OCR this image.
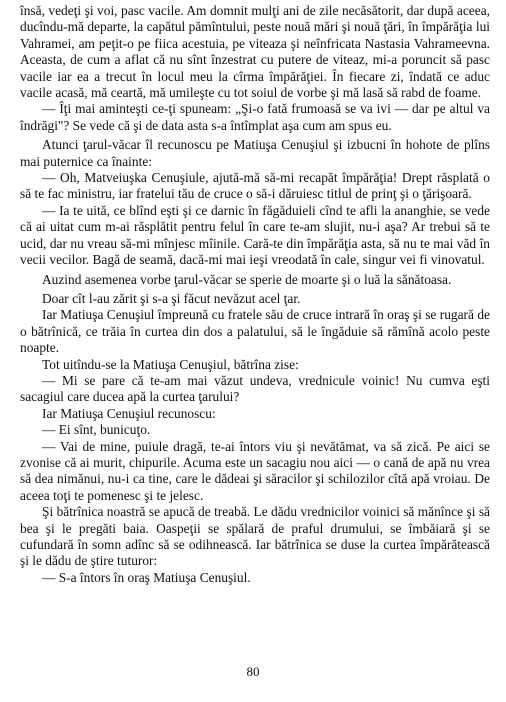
însă, vedeţi şi voi, pasc vacile. Am domnit mulţi ani de zile necăsătorit, dar după aceea, ducîndu-mă departe, la capătul pămîntului, peste nouă mări şi nouă ţări, în împărăţia lui Vahramei, am peţit-o pe fiica acestuia, pe viteaza şi neînfricata Nastasia Vahrameevna. Aceasta, de cum a aflat că nu sînt înzestrat cu putere de viteaz, mi-a poruncit să pasc vacile iar ea a trecut în locul meu la cîrma împărăţiei. În fiecare zi, îndată ce aduc vacile acasă, mă ceartă, mă umileşte cu tot soiul de vorbe şi mă lasă să rabd de foame.

— Îţi mai aminteşti ce-ţi spuneam: „Şi-o fată frumoasă se va ivi — dar pe altul va îndrăgi"? Se vede că şi de data asta s-a întîmplat aşa cum am spus eu.

Atunci ţarul-văcar îl recunoscu pe Matiuşa Cenuşiul şi izbucni în hohote de plîns mai puternice ca înainte:

— Oh, Matveiuşka Cenuşiule, ajută-mă să-mi recapăt împărăţia! Drept răsplată o să te fac ministru, iar fratelui tău de cruce o să-i dăruiesc titlul de prinţ şi o ţărişoară.

— Ia te uită, ce blînd eşti şi ce darnic în făgăduieli cînd te afli la ananghie, se vede că ai uitat cum m-ai răsplătit pentru felul în care te-am slujit, nu-i aşa? Ar trebui să te ucid, dar nu vreau să-mi mînjesc mîinile. Cară-te din împărăţia asta, să nu te mai văd în vecii vecilor. Bagă de seamă, dacă-mi mai ieşi vreodată în cale, singur vei fi vinovatul.

Auzind asemenea vorbe ţarul-văcar se sperie de moarte şi o luă la sănătoasa.

Doar cît l-au zărit şi s-a şi făcut nevăzut acel ţar.

Iar Matiuşa Cenuşiul împreună cu fratele său de cruce intrară în oraş şi se rugară de o bătrînică, ce trăia în curtea din dos a palatului, să le îngăduie să rămînă acolo peste noapte.

Tot uitîndu-se la Matiuşa Cenuşiul, bătrîna zise:

— Mi se pare că te-am mai văzut undeva, vrednicule voinic! Nu cumva eşti sacagiul care ducea apă la curtea ţarului?

Iar Matiuşa Cenuşiul recunoscu:

— Ei sînt, bunicuţo.

— Vai de mine, puiule dragă, te-ai întors viu şi nevătămat, va să zică. Pe aici se zvonise că ai murit, chipurile. Acuma este un sacagiu nou aici — o cană de apă nu vrea să dea nimănui, nu-i ca tine, care le dădeai şi săracilor şi schilozilor cîtă apă vroiau. De aceea toţi te pomenesc şi te jelesc.

Şi bătrînica noastră se apucă de treabă. Le dădu vrednicilor voinici să mănînce şi să bea şi le pregăti baia. Oaspeţii se spălară de praful drumului, se îmbăiară şi se cufundară în somn adînc să se odihnească. Iar bătrînica se duse la curtea împărătească şi le dădu de ştire tuturor:

— S-a întors în oraş Matiuşa Cenuşiul.

80
